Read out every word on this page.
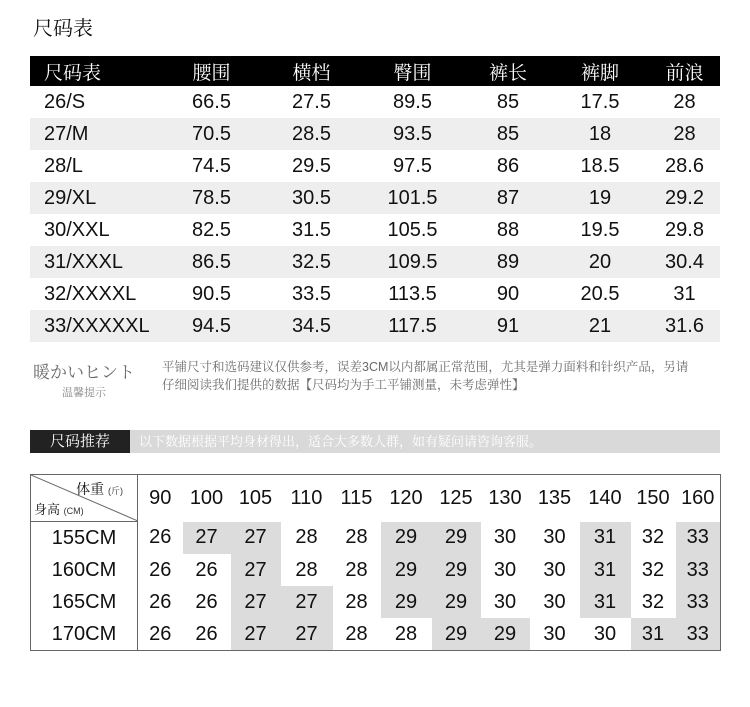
尺码表
尺码表	腰围	横档	臀围	裤长	裤脚	前浪
26/S	66.5	27.5	89.5	85	17.5	28
27/M	70.5	28.5	93.5	85	18	28
28/L	74.5	29.5	97.5	86	18.5	28.6
29/XL	78.5	30.5	101.5	87	19	29.2
30/XXL	82.5	31.5	105.5	88	19.5	29.8
31/XXXL	86.5	32.5	109.5	89	20	30.4
32/XXXXL	90.5	33.5	113.5	90	20.5	31
33/XXXXXL	94.5	34.5	117.5	91	21	31.6
暖かいヒント
温馨提示
平铺尺寸和选码建议仅供参考，误差3CM以内都属正常范围，尤其是弹力面料和针织产品，另请
仔细阅读我们提供的数据【尺码均为手工平铺测量，未考虑弹性】
尺码推荐	以下数据根据平均身材得出，适合大多数人群，如有疑问请咨询客服。
体重 (斤)
身高 (CM)	90	100	105	110	115	120	125	130	135	140	150	160
155CM	26	27	27	28	28	29	29	30	30	31	32	33
160CM	26	26	27	28	28	29	29	30	30	31	32	33
165CM	26	26	27	27	28	29	29	30	30	31	32	33
170CM	26	26	27	27	28	28	29	29	30	30	31	33
